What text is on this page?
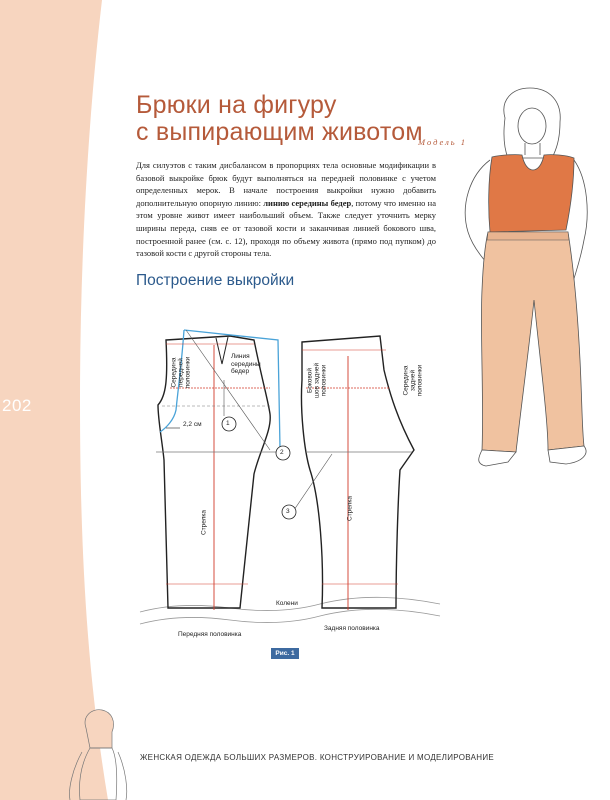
202
Брюки на фигуру
с выпирающим животом
Модель 1
Для силуэтов с таким дисбалансом в пропорциях тела основные модификации в базовой выкройке брюк будут выполняться на передней половинке с учетом определенных мерок. В начале построения выкройки нужно добавить дополнительную опорную линию: линию середины бедер, потому что именно на этом уровне живот имеет наибольший объем. Также следует уточнить мерку ширины переда, сняв ее от тазовой кости и заканчивая линией бокового шва, построенной ранее (см. с. 12), проходя по объему живота (прямо под пупком) до тазовой кости с другой стороны тела.
Построение выкройки
1
2
3
Середина передней половинки
Линия
середины
бедер
2,2 см
Стрелка
Передняя половинка
Боковой шов задней половинки	Середина задней половинки
Стрелка
Задняя половинка
Колени
Рис. 1
ЖЕНСКАЯ ОДЕЖДА БОЛЬШИХ РАЗМЕРОВ. КОНСТРУИРОВАНИЕ И МОДЕЛИРОВАНИЕ
